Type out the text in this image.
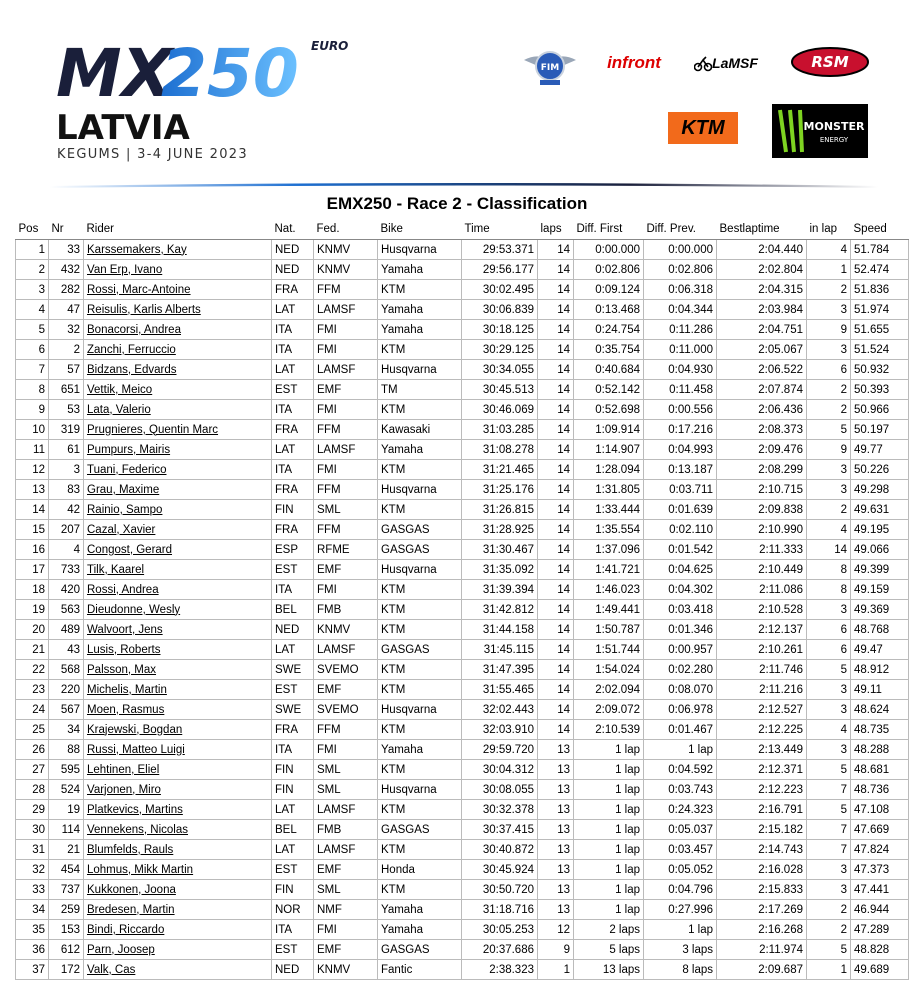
MX
250 EURO
LATVIA
KEGUMS | 3-4 JUNE 2023
FIM	infront	LaMSF	RSM
KTM	MONSTER
ENERGY
EMX250 - Race 2 - Classification
Pos	Nr	Rider	Nat.	Fed.	Bike	Time	laps	Diff. First	Diff. Prev.	Bestlaptime	in lap	Speed
1	33	Karssemakers, Kay	NED	KNMV	Husqvarna	29:53.371	14	0:00.000	0:00.000	2:04.440	4	51.784
2	432	Van Erp, Ivano	NED	KNMV	Yamaha	29:56.177	14	0:02.806	0:02.806	2:02.804	1	52.474
3	282	Rossi, Marc-Antoine	FRA	FFM	KTM	30:02.495	14	0:09.124	0:06.318	2:04.315	2	51.836
4	47	Reisulis, Karlis Alberts	LAT	LAMSF	Yamaha	30:06.839	14	0:13.468	0:04.344	2:03.984	3	51.974
5	32	Bonacorsi, Andrea	ITA	FMI	Yamaha	30:18.125	14	0:24.754	0:11.286	2:04.751	9	51.655
6	2	Zanchi, Ferruccio	ITA	FMI	KTM	30:29.125	14	0:35.754	0:11.000	2:05.067	3	51.524
7	57	Bidzans, Edvards	LAT	LAMSF	Husqvarna	30:34.055	14	0:40.684	0:04.930	2:06.522	6	50.932
8	651	Vettik, Meico	EST	EMF	TM	30:45.513	14	0:52.142	0:11.458	2:07.874	2	50.393
9	53	Lata, Valerio	ITA	FMI	KTM	30:46.069	14	0:52.698	0:00.556	2:06.436	2	50.966
10	319	Prugnieres, Quentin Marc	FRA	FFM	Kawasaki	31:03.285	14	1:09.914	0:17.216	2:08.373	5	50.197
11	61	Pumpurs, Mairis	LAT	LAMSF	Yamaha	31:08.278	14	1:14.907	0:04.993	2:09.476	9	49.77
12	3	Tuani, Federico	ITA	FMI	KTM	31:21.465	14	1:28.094	0:13.187	2:08.299	3	50.226
13	83	Grau, Maxime	FRA	FFM	Husqvarna	31:25.176	14	1:31.805	0:03.711	2:10.715	3	49.298
14	42	Rainio, Sampo	FIN	SML	KTM	31:26.815	14	1:33.444	0:01.639	2:09.838	2	49.631
15	207	Cazal, Xavier	FRA	FFM	GASGAS	31:28.925	14	1:35.554	0:02.110	2:10.990	4	49.195
16	4	Congost, Gerard	ESP	RFME	GASGAS	31:30.467	14	1:37.096	0:01.542	2:11.333	14	49.066
17	733	Tilk, Kaarel	EST	EMF	Husqvarna	31:35.092	14	1:41.721	0:04.625	2:10.449	8	49.399
18	420	Rossi, Andrea	ITA	FMI	KTM	31:39.394	14	1:46.023	0:04.302	2:11.086	8	49.159
19	563	Dieudonne, Wesly	BEL	FMB	KTM	31:42.812	14	1:49.441	0:03.418	2:10.528	3	49.369
20	489	Walvoort, Jens	NED	KNMV	KTM	31:44.158	14	1:50.787	0:01.346	2:12.137	6	48.768
21	43	Lusis, Roberts	LAT	LAMSF	GASGAS	31:45.115	14	1:51.744	0:00.957	2:10.261	6	49.47
22	568	Palsson, Max	SWE	SVEMO	KTM	31:47.395	14	1:54.024	0:02.280	2:11.746	5	48.912
23	220	Michelis, Martin	EST	EMF	KTM	31:55.465	14	2:02.094	0:08.070	2:11.216	3	49.11
24	567	Moen, Rasmus	SWE	SVEMO	Husqvarna	32:02.443	14	2:09.072	0:06.978	2:12.527	3	48.624
25	34	Krajewski, Bogdan	FRA	FFM	KTM	32:03.910	14	2:10.539	0:01.467	2:12.225	4	48.735
26	88	Russi, Matteo Luigi	ITA	FMI	Yamaha	29:59.720	13	1 lap	1 lap	2:13.449	3	48.288
27	595	Lehtinen, Eliel	FIN	SML	KTM	30:04.312	13	1 lap	0:04.592	2:12.371	5	48.681
28	524	Varjonen, Miro	FIN	SML	Husqvarna	30:08.055	13	1 lap	0:03.743	2:12.223	7	48.736
29	19	Platkevics, Martins	LAT	LAMSF	KTM	30:32.378	13	1 lap	0:24.323	2:16.791	5	47.108
30	114	Vennekens, Nicolas	BEL	FMB	GASGAS	30:37.415	13	1 lap	0:05.037	2:15.182	7	47.669
31	21	Blumfelds, Rauls	LAT	LAMSF	KTM	30:40.872	13	1 lap	0:03.457	2:14.743	7	47.824
32	454	Lohmus, Mikk Martin	EST	EMF	Honda	30:45.924	13	1 lap	0:05.052	2:16.028	3	47.373
33	737	Kukkonen, Joona	FIN	SML	KTM	30:50.720	13	1 lap	0:04.796	2:15.833	3	47.441
34	259	Bredesen, Martin	NOR	NMF	Yamaha	31:18.716	13	1 lap	0:27.996	2:17.269	2	46.944
35	153	Bindi, Riccardo	ITA	FMI	Yamaha	30:05.253	12	2 laps	1 lap	2:16.268	2	47.289
36	612	Parn, Joosep	EST	EMF	GASGAS	20:37.686	9	5 laps	3 laps	2:11.974	5	48.828
37	172	Valk, Cas	NED	KNMV	Fantic	2:38.323	1	13 laps	8 laps	2:09.687	1	49.689
